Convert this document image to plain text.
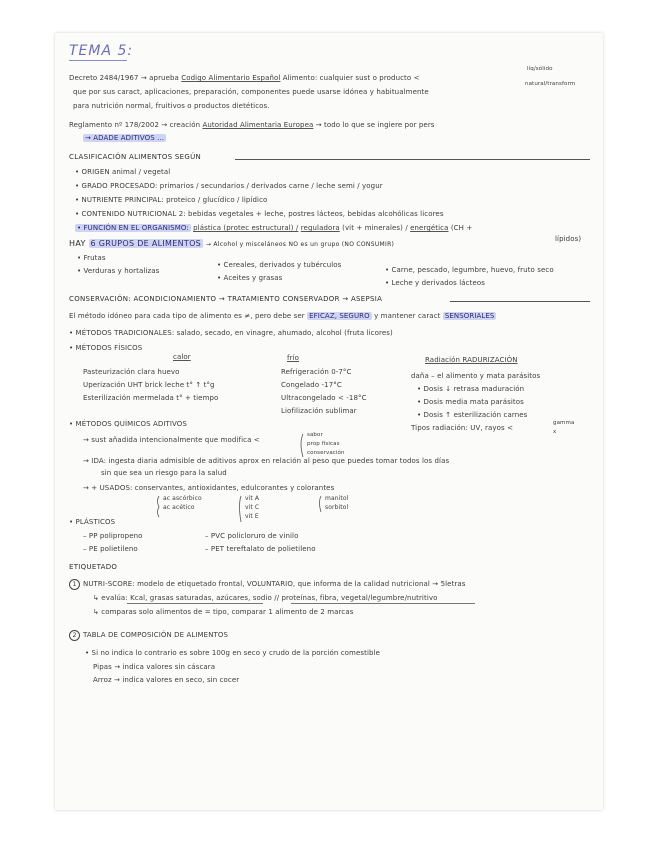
TEMA 5:
Decreto 2484/1967 → aprueba Codigo Alimentario Español Alimento: cualquier sust o producto <
líq/sólido
natural/transform
que por sus caract, aplicaciones, preparación, componentes puede usarse idónea y habitualmente
para nutrición normal, fruitivos o productos dietéticos.
Reglamento nº 178/2002 → creación Autoridad Alimentaria Europea → todo lo que se ingiere por pers
→ ADADE ADITIVOS ...
CLASIFICACIÓN ALIMENTOS SEGÚN
• ORIGEN animal / vegetal
• GRADO PROCESADO: primarios / secundarios / derivados carne / leche semi / yogur
• NUTRIENTE PRINCIPAL: proteico / glucídico / lipídico
• CONTENIDO NUTRICIONAL 2: bebidas vegetales + leche, postres lácteos, bebidas alcohólicas licores
• FUNCIÓN EN EL ORGANISMO: plástica (protec estructural) / reguladora (vit + minerales) / energética (CH +
lípidos)
HAY 6 GRUPOS DE ALIMENTOS → Alcohol y misceláneos NO es un grupo (NO CONSUMIR)
• Frutas
• Verduras y hortalizas
• Cereales, derivados y tubérculos
• Aceites y grasas
• Carne, pescado, legumbre, huevo, fruto seco
• Leche y derivados lácteos
CONSERVACIÓN: ACONDICIONAMIENTO → TRATAMIENTO CONSERVADOR → ASEPSIA
El método idóneo para cada tipo de alimento es ≠, pero debe ser EFICAZ, SEGURO y mantener caract SENSORIALES
• MÉTODOS TRADICIONALES: salado, secado, en vinagre, ahumado, alcohol (fruta licores)
• MÉTODOS FÍSICOS
calor	frío	Radiación RADURIZACIÓN
Pasteurización clara huevo
Uperización UHT brick leche t° ↑ t°g
Esterilización mermelada t° + tiempo
Refrigeración 0-7°C
Congelado -17°C
Ultracongelado < -18°C
Liofilización sublimar
daña – el alimento y mata parásitos
• Dosis ↓ retrasa maduración
• Dosis media mata parásitos
• Dosis ↑ esterilización carnes
Tipos radiación: UV, rayos <
gamma
x
• MÉTODOS QUÍMICOS ADITIVOS
→ sust añadida intencionalmente que modifica <
sabor
prop físicas
conservación
→ IDA: ingesta diaria admisible de aditivos aprox en relación al peso que puedes tomar todos los días
sin que sea un riesgo para la salud
→ + USADOS: conservantes, antioxidantes, edulcorantes y colorantes
ac ascórbico
ac acético
vit A
vit C
vit E
manitol
sorbitol
• PLÁSTICOS
– PP polipropeno
– PE polietileno
– PVC policloruro de vinilo
– PET tereftalato de polietileno
ETIQUETADO
1 NUTRI-SCORE: modelo de etiquetado frontal, VOLUNTARIO, que informa de la calidad nutricional → 5letras
↳ evalúa: Kcal, grasas saturadas, azúcares, sodio // proteínas, fibra, vegetal/legumbre/nutritivo
↳ comparas solo alimentos de = tipo, comparar 1 alimento de 2 marcas
2 TABLA DE COMPOSICIÓN DE ALIMENTOS
• Si no indica lo contrario es sobre 100g en seco y crudo de la porción comestible
Pipas → indica valores sin cáscara
Arroz → indica valores en seco, sin cocer
